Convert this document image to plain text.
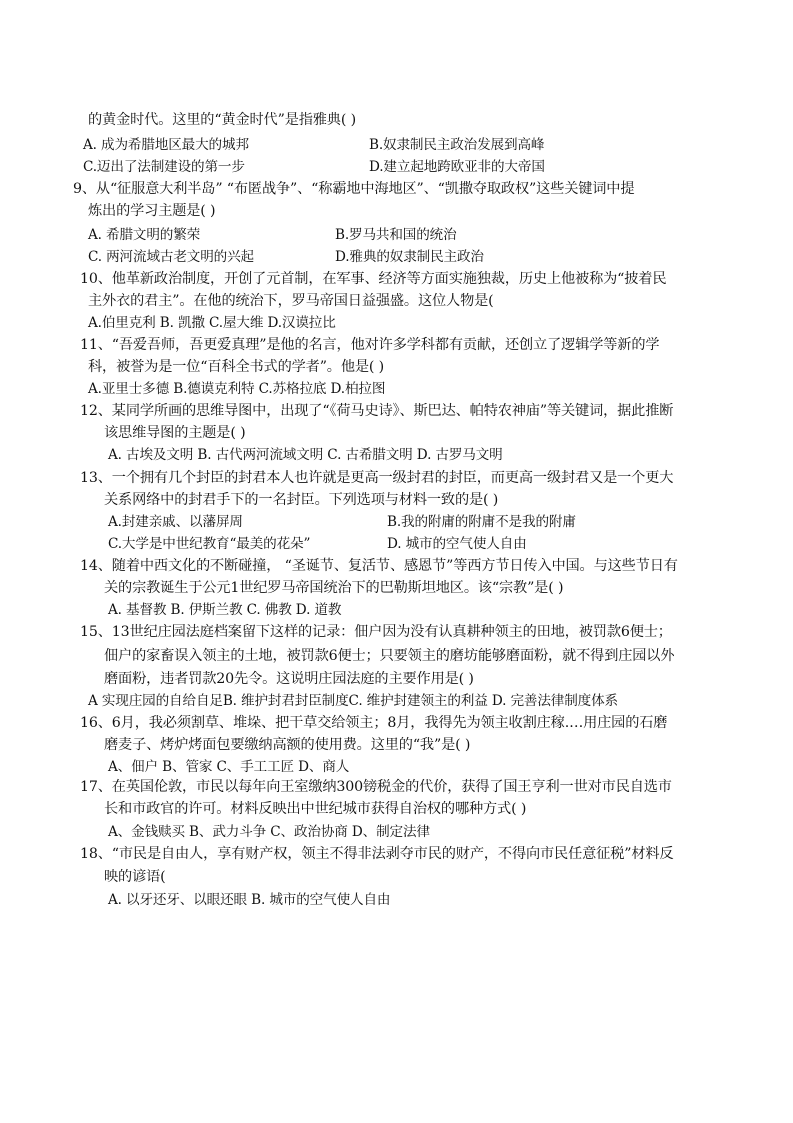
的黄金时代。这里的“黄金时代”是指雅典( )
A. 成为希腊地区最大的城邦	B.奴隶制民主政治发展到高峰
C.迈出了法制建设的第一步	D.建立起地跨欧亚非的大帝国
9、从“征服意大利半岛” “布匿战争”、“称霸地中海地区”、“凯撒夺取政权”这些关键词中提
炼出的学习主题是( )
A. 希腊文明的繁荣	B.罗马共和国的统治
C. 两河流域古老文明的兴起	D.雅典的奴隶制民主政治
10、他革新政治制度，开创了元首制，在军事、经济等方面实施独裁，历史上他被称为“披着民
主外衣的君主”。在他的统治下，罗马帝国日益强盛。这位人物是(
A.伯里克利 B. 凯撒 C.屋大维 D.汉谟拉比
11、“吾爱吾师，吾更爱真理”是他的名言，他对许多学科都有贡献，还创立了逻辑学等新的学
科，被誉为是一位“百科全书式的学者”。他是( )
A.亚里士多德 B.德谟克利特 C.苏格拉底 D.柏拉图
12、某同学所画的思维导图中，出现了“《荷马史诗》、斯巴达、帕特农神庙”等关键词，据此推断
该思维导图的主题是( )
A. 古埃及文明 B. 古代两河流域文明 C. 古希腊文明 D. 古罗马文明
13、一个拥有几个封臣的封君本人也许就是更高一级封君的封臣，而更高一级封君又是一个更大
关系网络中的封君手下的一名封臣。下列选项与材料一致的是( )
A.封建亲戚、以藩屏周	B.我的附庸的附庸不是我的附庸
C.大学是中世纪教育“最美的花朵”	D. 城市的空气使人自由
14、随着中西文化的不断碰撞， “圣诞节、复活节、感恩节”等西方节日传入中国。与这些节日有
关的宗教诞生于公元1世纪罗马帝国统治下的巴勒斯坦地区。该“宗教”是( )
A. 基督教 B. 伊斯兰教 C. 佛教 D. 道教
15、13世纪庄园法庭档案留下这样的记录：佃户因为没有认真耕种领主的田地，被罚款6便士；
佃户的家畜误入领主的土地，被罚款6便士；只要领主的磨坊能够磨面粉，就不得到庄园以外
磨面粉，违者罚款20先令。这说明庄园法庭的主要作用是( )
A 实现庄园的自给自足B. 维护封君封臣制度C. 维护封建领主的利益 D. 完善法律制度体系
16、6月，我必须割草、堆垛、把干草交给领主；8月，我得先为领主收割庄稼.…用庄园的石磨
磨麦子、烤炉烤面包要缴纳高额的使用费。这里的“我”是( )
A、佃户 B、管家 C、手工工匠 D、商人
17、在英国伦敦，市民以每年向王室缴纳300镑税金的代价，获得了国王亨利一世对市民自选市
长和市政官的许可。材料反映出中世纪城市获得自治权的哪种方式( )
A、金钱赎买 B、武力斗争 C、政治协商 D、制定法律
18、“市民是自由人，享有财产权，领主不得非法剥夺市民的财产，不得向市民任意征税”材料反
映的谚语(
A. 以牙还牙、以眼还眼 B. 城市的空气使人自由
